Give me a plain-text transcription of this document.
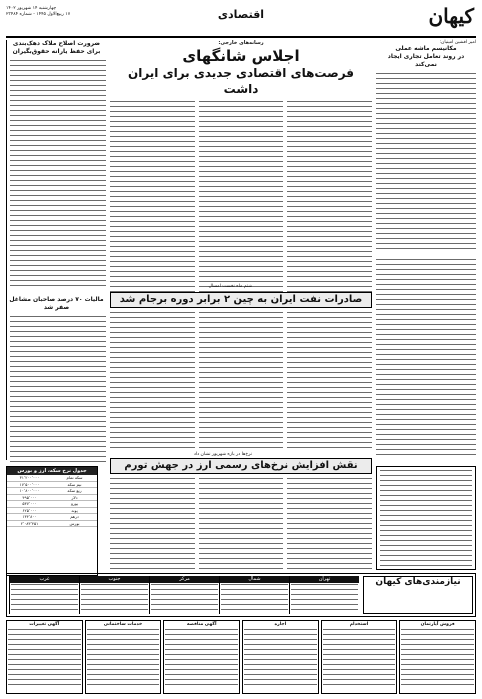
کیهان
اقتصادی
چهارشنبه ۱۴ شهریور ۱۴۰۲
۱۷ ربیع‌الاول ۱۴۴۵ - شماره ۲۳۴۸۴
امیر افشین امینیان:
مکانیسم ماشه عملی
در روند تعامل تجاری ایجاد نمی‌کند
ضرورت اصلاح ملاک دهک‌بندی برای حفظ یارانه حقوق‌بگیران
مالیات ۷۰ درصد صاحبان مشاغل صفر شد
رسانه‌های خارجی:
اجلاس شانگهای
فرصت‌های اقتصادی جدیدی برای ایران داشت
شتم ماه نخست امسال
صادرات نفت ایران به چین ۲ برابر دوره برجام شد
نرخ‌ها در بازه شهریور نشان داد
نقش افزایش نرخ‌های رسمی ارز در جهش تورم
جدول نرخ سکه، ارز و بورس
سکه تمام
۳۱٬۲۰۰٬۰۰۰
نیم سکه
۱۷٬۵۰۰٬۰۰۰
ربع سکه
۱۰٬۸۰۰٬۰۰۰
دلار
۴۹۵٬۰۰۰
یورو
۵۳۷٬۰۰۰
پوند
۶۲۵٬۰۰۰
درهم
۱۳۴٬۸۰۰
بورس
۲٬۰۸۳٬۴۵۱
نیازمندی‌های کیهان
تهران
شمال
مرکز
جنوب
غرب
فروش آپارتمان
استخدام
اجاره
آگهی مناقصه
خدمات ساختمانی
آگهی تغییرات
